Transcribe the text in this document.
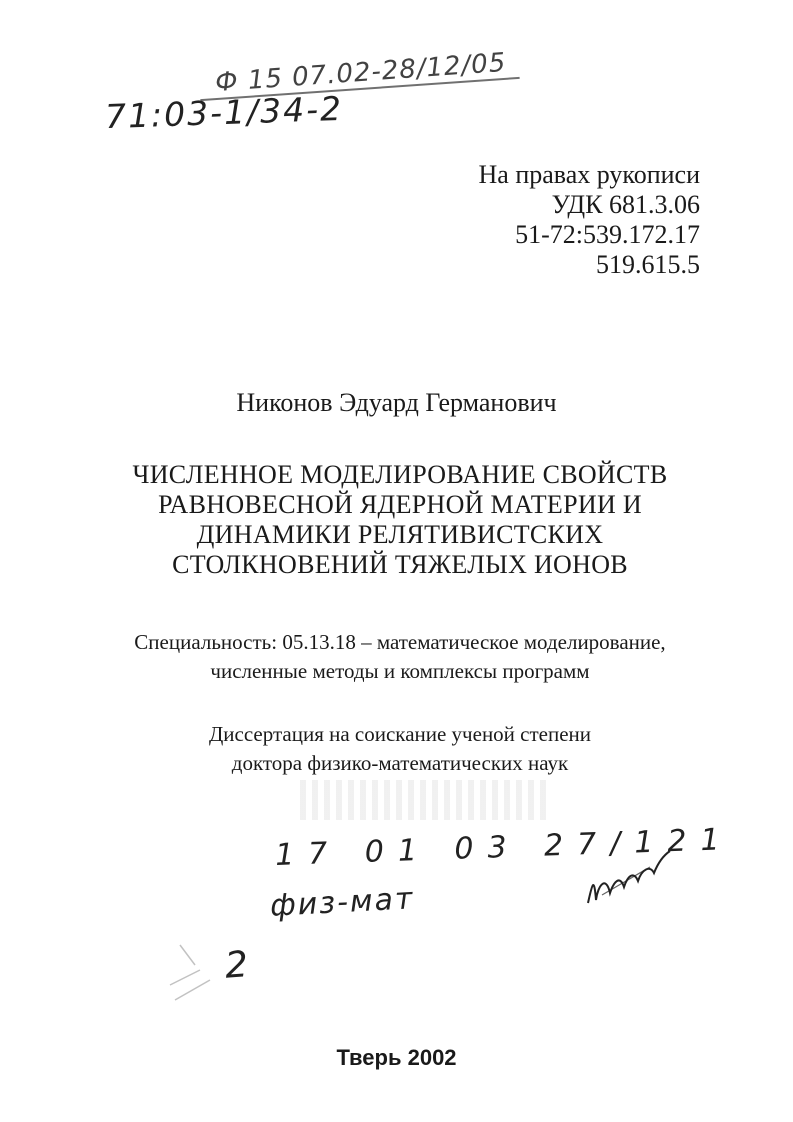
Ф 15 07.02-28/12/05
71:03-1/34-2
На правах рукописи
УДК 681.3.06
51-72:539.172.17
519.615.5
Никонов Эдуард Германович
ЧИСЛЕННОЕ МОДЕЛИРОВАНИЕ СВОЙСТВ
РАВНОВЕСНОЙ ЯДЕРНОЙ МАТЕРИИ И
ДИНАМИКИ РЕЛЯТИВИСТСКИХ
СТОЛКНОВЕНИЙ ТЯЖЕЛЫХ ИОНОВ
Специальность: 05.13.18 – математическое моделирование,
численные методы и комплексы программ
Диссертация на соискание ученой степени
доктора физико-математических наук
17 01 03 27/121
физ-мат
2
Тверь 2002
